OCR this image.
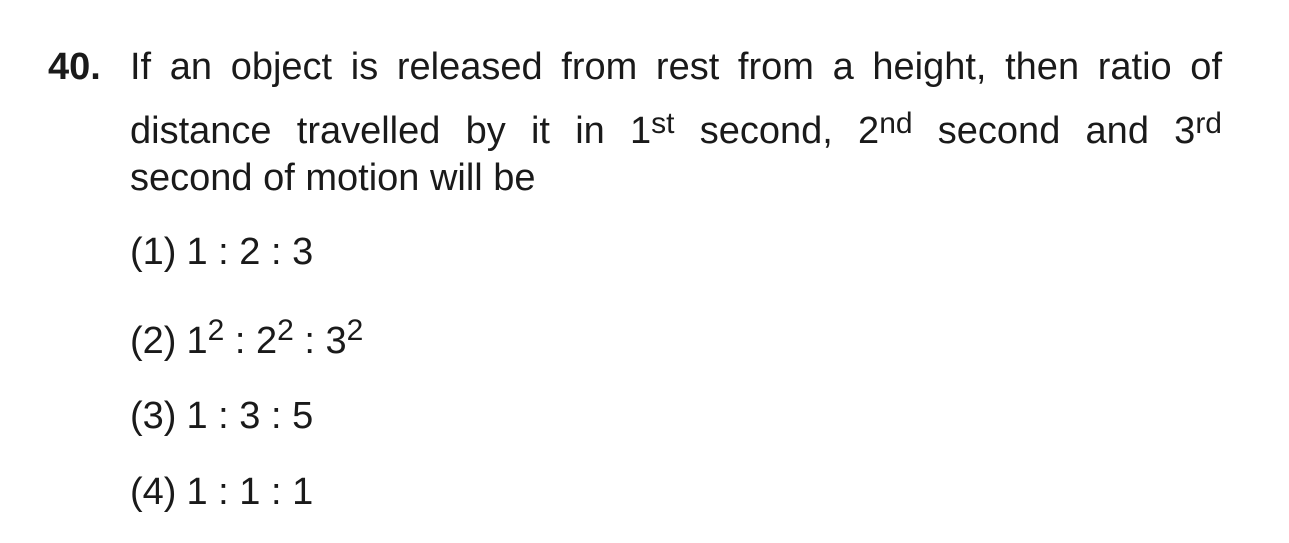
40. If an object is released from rest from a height, then ratio of
distance travelled by it in 1st second, 2nd second and 3rd
second of motion will be
(1) 1 : 2 : 3
(2) $1^2$ : $2^2$ : $3^2$
(3) 1 : 3 : 5
(4) 1 : 1 : 1
